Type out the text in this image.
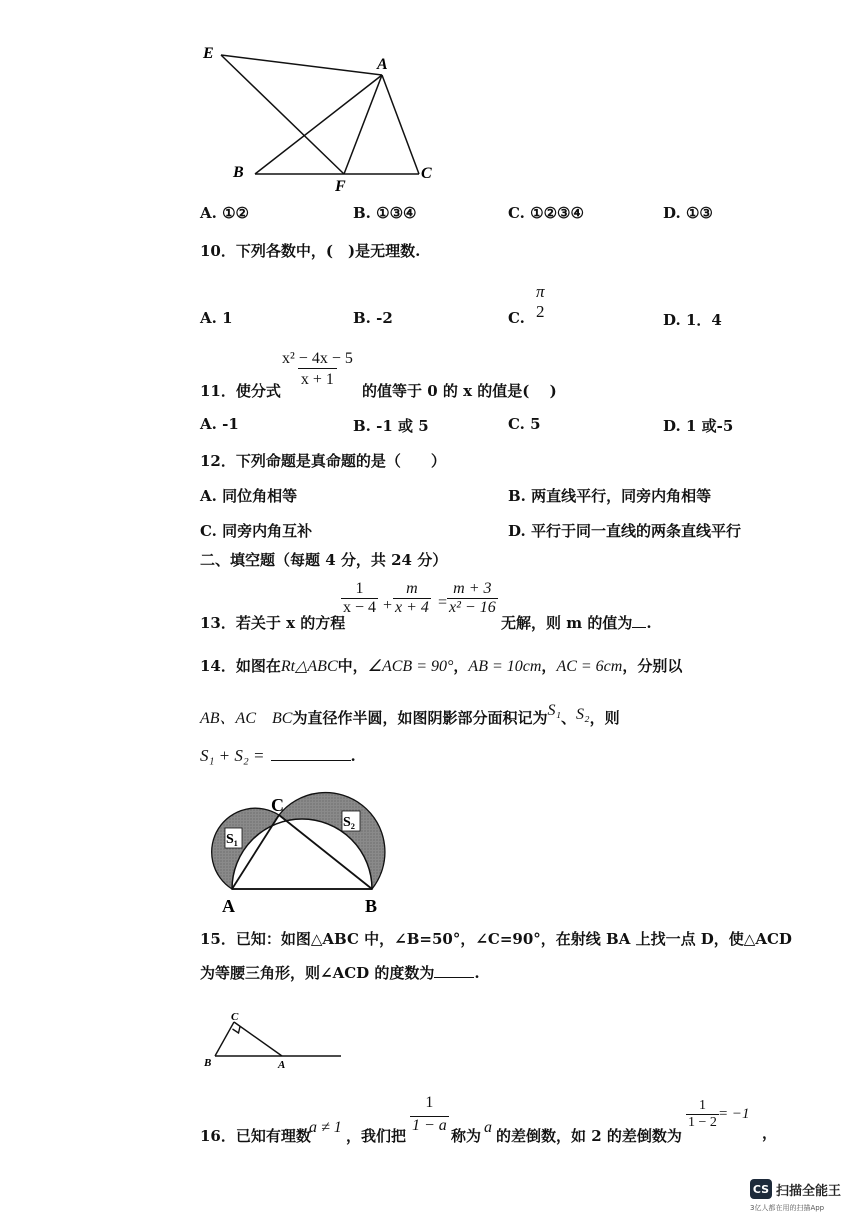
E
A
B
F
C
A. ①②	B. ①③④	C. ①②③④	D. ①③
10．下列各数中，(　)是无理数.
A. 1	B. -2	C.
π
2	D. 1．4
11．使分式
$\frac{\text{x² − 4x − 5}}{x + 1}$
的值等于 0 的 x 的值是(　 )
A. -1	B. -1 或 5	C. 5	D. 1 或-5
12．下列命题是真命题的是（　　）
A. 同位角相等	B. 两直线平行，同旁内角相等
C. 同旁内角互补	D. 平行于同一直线的两条直线平行
二、填空题（每题 4 分，共 24 分）
13．若关于 x 的方程
$\frac{1}{x - 4} + \frac{m}{x + 4} = \frac{m + 3}{\text{x² − 16}}$
无解，则 m 的值为 .
14．如图在Rt△ABC中，∠ACB = 90°，AB = 10cm，AC = 6cm，分别以
AB、AC　BC为直径作半圆，如图阴影部分面积记为S₁、S₂，则
S₁ + S₂ =	.
S₁
S₂
C
A	B
15．已知：如图△ABC 中，∠B=50°，∠C=90°，在射线 BA 上找一点 D，使△ACD
为等腰三角形，则∠ACD 的度数为	.
C
B	A
16．已知有理数
a ≠ 1 ，我们把
$\frac{1}{1 - a}$
称为 a 的差倒数，如 2 的差倒数为
$\frac{1}{1 - 2} = -1$
，
CS 扫描全能王
3亿人都在用的扫描App
